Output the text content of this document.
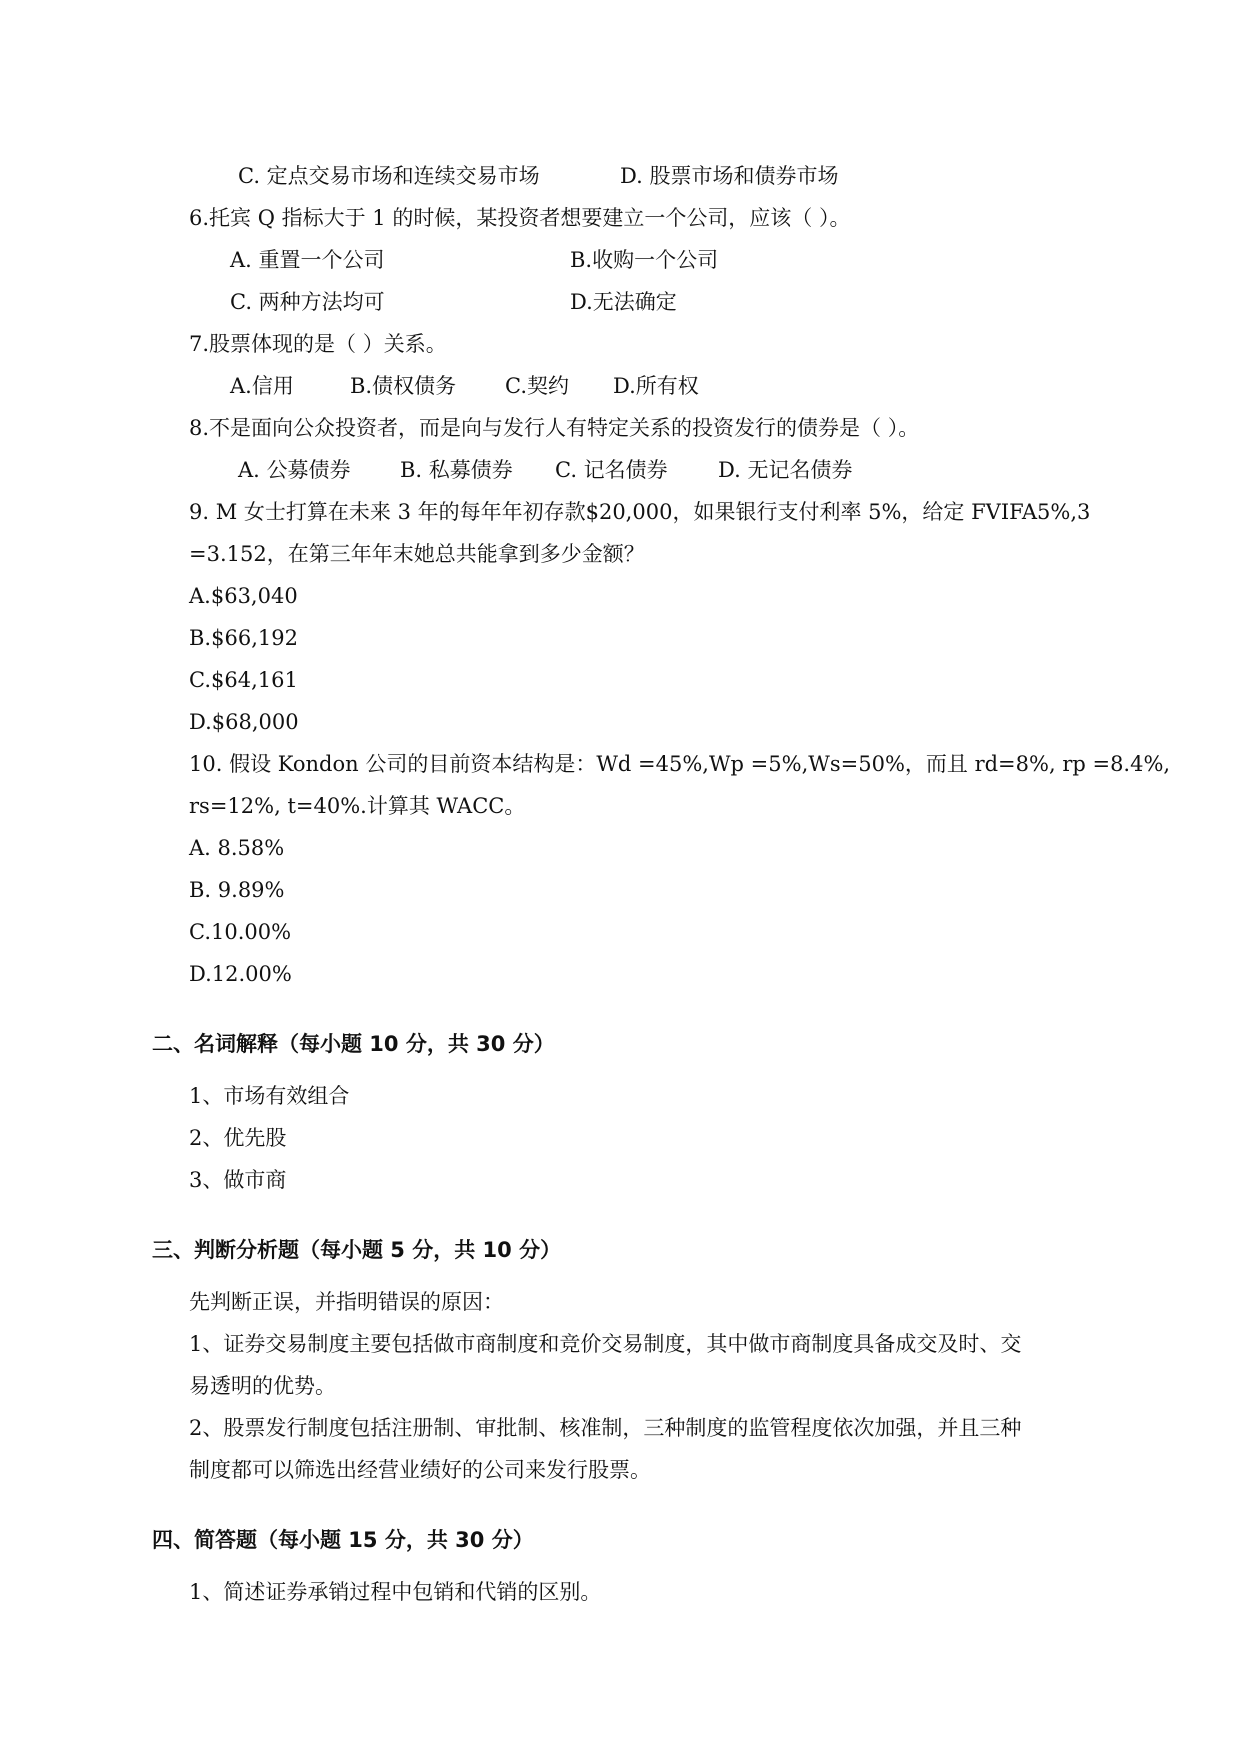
C. 定点交易市场和连续交易市场	D. 股票市场和债券市场
6.托宾 Q 指标大于 1 的时候，某投资者想要建立一个公司，应该（ ）。
A. 重置一个公司	B.收购一个公司
C. 两种方法均可	D.无法确定
7.股票体现的是（ ）关系。
A.信用	B.债权债务 C.契约 D.所有权
8.不是面向公众投资者，而是向与发行人有特定关系的投资发行的债券是（ ）。
A. 公募债券 B. 私募债券 C. 记名债券 D. 无记名债券
9. M 女士打算在未来 3 年的每年年初存款$20,000，如果银行支付利率 5%，给定 FVIFA5%,3
=3.152，在第三年年末她总共能拿到多少金额？
A.$63,040
B.$66,192
C.$64,161
D.$68,000
10. 假设 Kondon 公司的目前资本结构是：Wd =45%,Wp =5%,Ws=50%，而且 rd=8%, rp =8.4%,
rs=12%, t=40%.计算其 WACC。
A. 8.58%
B. 9.89%
C.10.00%
D.12.00%
二、名词解释（每小题 10 分，共 30 分）
1、市场有效组合
2、优先股
3、做市商
三、判断分析题（每小题 5 分，共 10 分）
先判断正误，并指明错误的原因：
1、证券交易制度主要包括做市商制度和竞价交易制度，其中做市商制度具备成交及时、交
易透明的优势。
2、股票发行制度包括注册制、审批制、核准制，三种制度的监管程度依次加强，并且三种
制度都可以筛选出经营业绩好的公司来发行股票。
四、简答题（每小题 15 分，共 30 分）
1、简述证券承销过程中包销和代销的区别。
